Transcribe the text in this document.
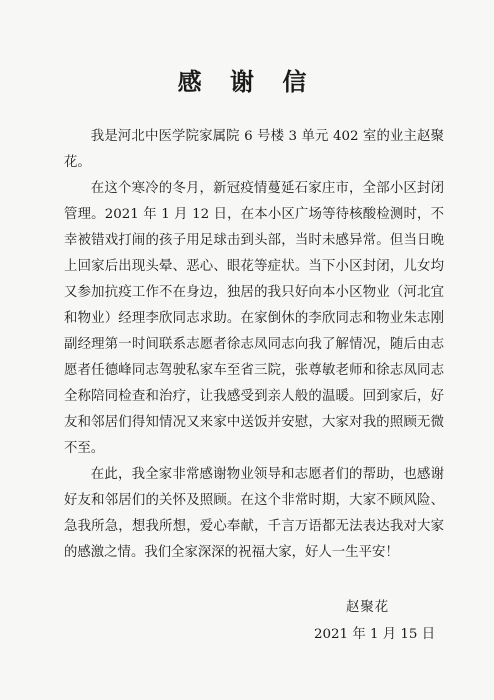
感 谢 信

我是河北中医学院家属院 6 号楼 3 单元 402 室的业主赵聚花。

在这个寒冷的冬月，新冠疫情蔓延石家庄市，全部小区封闭管理。2021 年 1 月 12 日，在本小区广场等待核酸检测时，不幸被错戏打闹的孩子用足球击到头部，当时未感异常。但当日晚上回家后出现头晕、恶心、眼花等症状。当下小区封闭，儿女均又参加抗疫工作不在身边，独居的我只好向本小区物业（河北宜和物业）经理李欣同志求助。在家倒休的李欣同志和物业朱志刚副经理第一时间联系志愿者徐志凤同志向我了解情况，随后由志愿者任德峰同志驾驶私家车至省三院，张尊敏老师和徐志凤同志全称陪同检查和治疗，让我感受到亲人般的温暖。回到家后，好友和邻居们得知情况又来家中送饭并安慰，大家对我的照顾无微不至。

在此，我全家非常感谢物业领导和志愿者们的帮助，也感谢好友和邻居们的关怀及照顾。在这个非常时期，大家不顾风险、急我所急，想我所想，爱心奉献，千言万语都无法表达我对大家的感激之情。我们全家深深的祝福大家，好人一生平安！

赵聚花
2021 年 1 月 15 日
